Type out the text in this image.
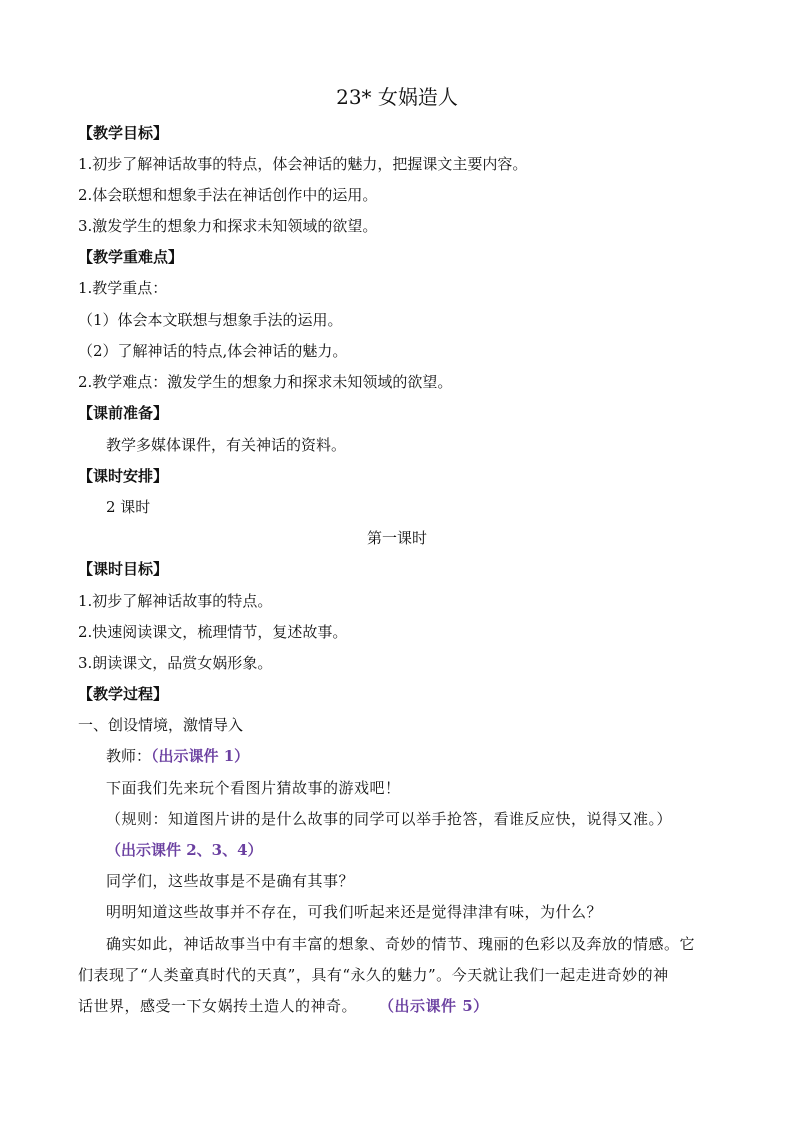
23* 女娲造人
【教学目标】
1.初步了解神话故事的特点，体会神话的魅力，把握课文主要内容。
2.体会联想和想象手法在神话创作中的运用。
3.激发学生的想象力和探求未知领域的欲望。
【教学重难点】
1.教学重点：
（1）体会本文联想与想象手法的运用。
（2）了解神话的特点,体会神话的魅力。
2.教学难点：激发学生的想象力和探求未知领域的欲望。
【课前准备】
教学多媒体课件，有关神话的资料。
【课时安排】
2 课时
第一课时
【课时目标】
1.初步了解神话故事的特点。
2.快速阅读课文，梳理情节，复述故事。
3.朗读课文，品赏女娲形象。
【教学过程】
一、创设情境，激情导入
教师：（出示课件 1）
下面我们先来玩个看图片猜故事的游戏吧！
（规则：知道图片讲的是什么故事的同学可以举手抢答，看谁反应快，说得又准。）
（出示课件 2、3、4）
同学们，这些故事是不是确有其事？
明明知道这些故事并不存在，可我们听起来还是觉得津津有味，为什么？
确实如此，神话故事当中有丰富的想象、奇妙的情节、瑰丽的色彩以及奔放的情感。它
们表现了“人类童真时代的天真”，具有“永久的魅力”。今天就让我们一起走进奇妙的神
话世界，感受一下女娲抟土造人的神奇。 （出示课件 5）
